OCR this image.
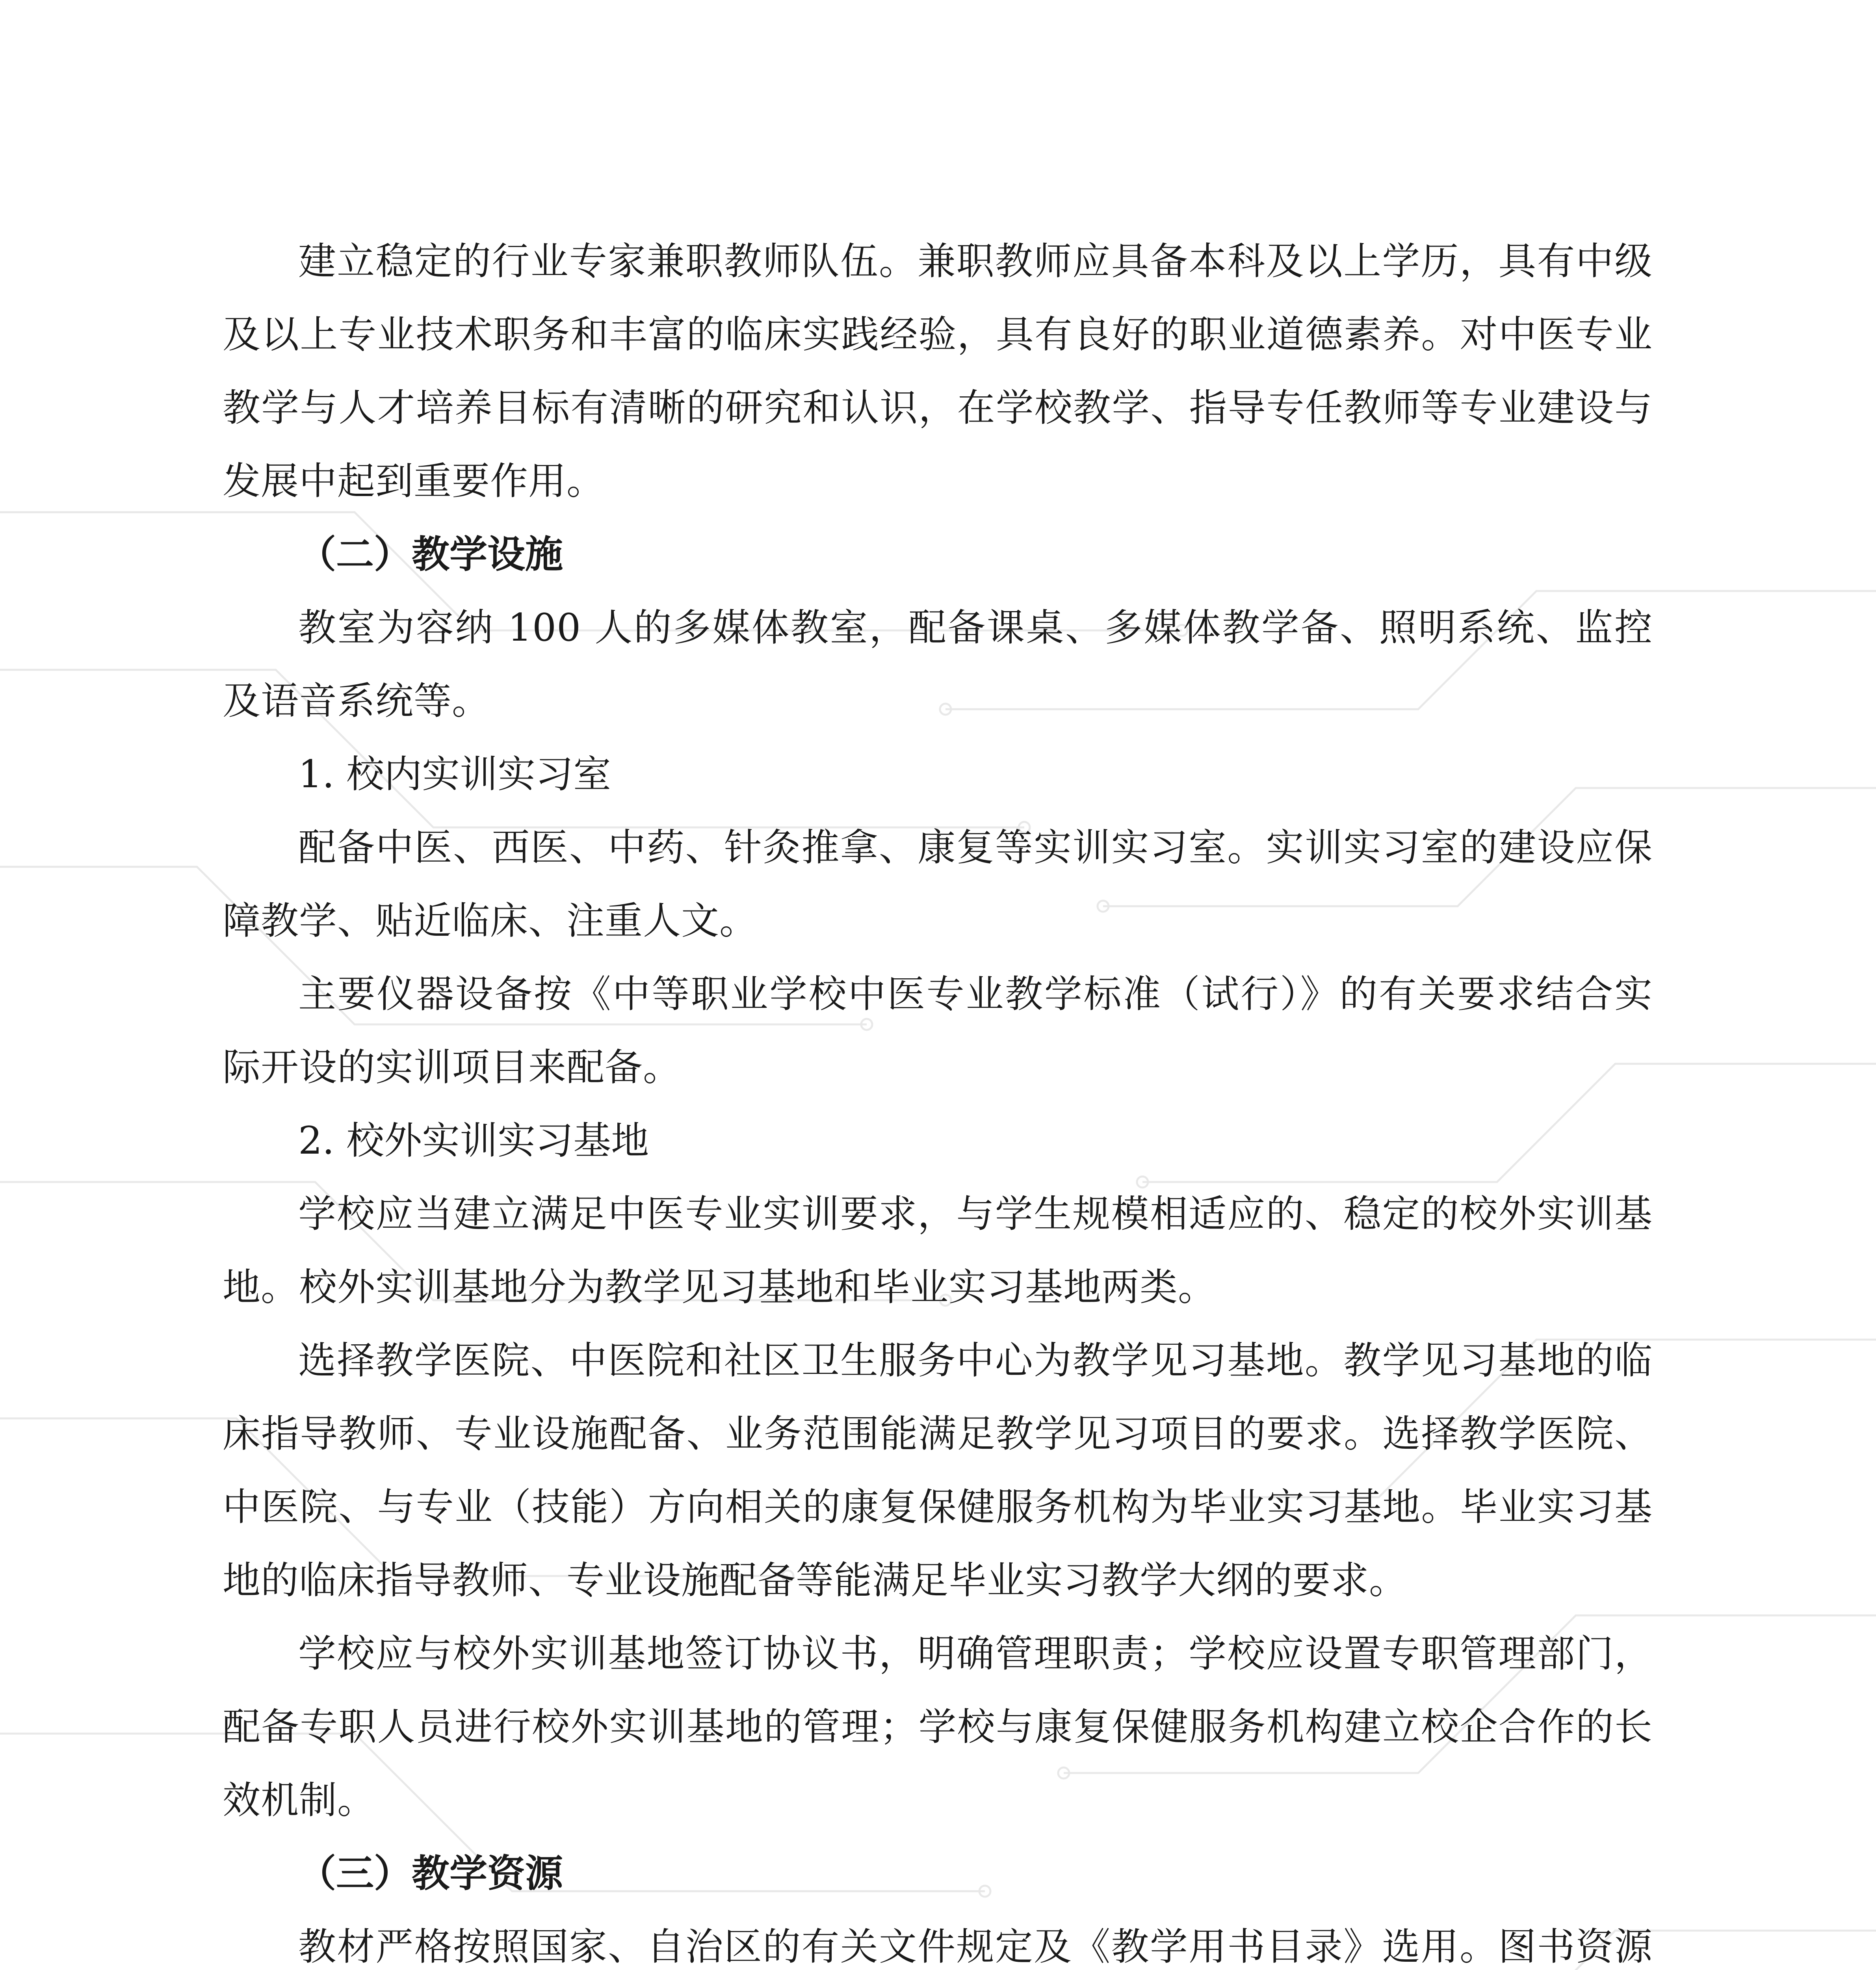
建立稳定的行业专家兼职教师队伍。兼职教师应具备本科及以上学历，具有中级及以上专业技术职务和丰富的临床实践经验，具有良好的职业道德素养。对中医专业教学与人才培养目标有清晰的研究和认识，在学校教学、指导专任教师等专业建设与发展中起到重要作用。

（二）教学设施

教室为容纳 100 人的多媒体教室，配备课桌、多媒体教学备、照明系统、监控及语音系统等。

1. 校内实训实习室

配备中医、西医、中药、针灸推拿、康复等实训实习室。实训实习室的建设应保障教学、贴近临床、注重人文。

主要仪器设备按《中等职业学校中医专业教学标准（试行）》的有关要求结合实际开设的实训项目来配备。

2. 校外实训实习基地

学校应当建立满足中医专业实训要求，与学生规模相适应的、稳定的校外实训基地。校外实训基地分为教学见习基地和毕业实习基地两类。

选择教学医院、中医院和社区卫生服务中心为教学见习基地。教学见习基地的临床指导教师、专业设施配备、业务范围能满足教学见习项目的要求。选择教学医院、中医院、与专业（技能）方向相关的康复保健服务机构为毕业实习基地。毕业实习基地的临床指导教师、专业设施配备等能满足毕业实习教学大纲的要求。

学校应与校外实训基地签订协议书，明确管理职责；学校应设置专职管理部门，配备专职人员进行校外实训基地的管理；学校与康复保健服务机构建立校企合作的长效机制。

（三）教学资源

教材严格按照国家、自治区的有关文件规定及《教学用书目录》选用。图书资源
